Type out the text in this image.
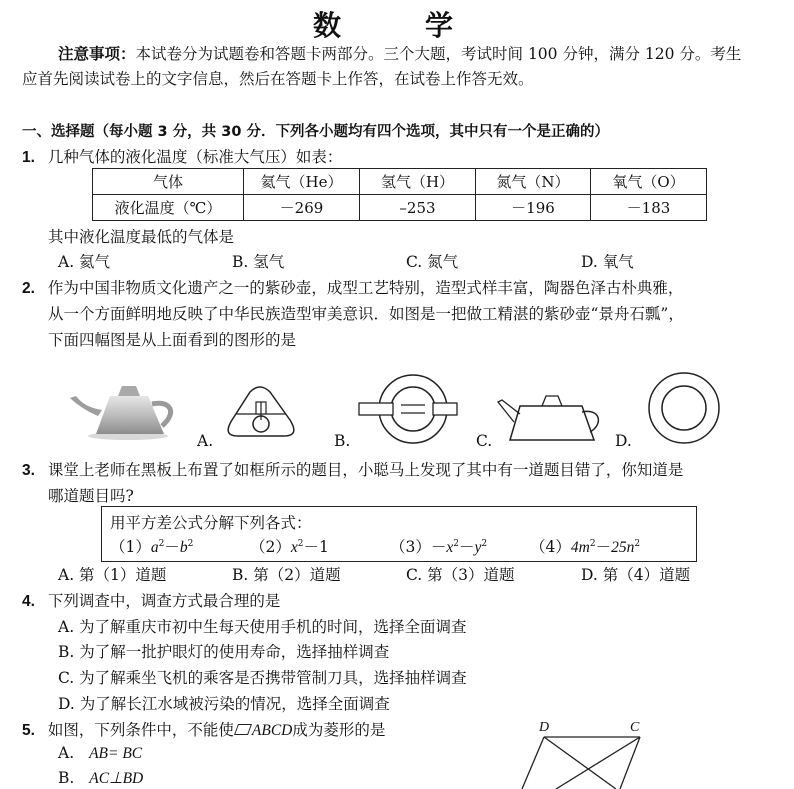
数　学
注意事项：本试卷分为试题卷和答题卡两部分。三个大题，考试时间 100 分钟，满分 120 分。考生
应首先阅读试卷上的文字信息，然后在答题卡上作答，在试卷上作答无效。
一、选择题（每小题 3 分，共 30 分．下列各小题均有四个选项，其中只有一个是正确的）
1. 几种气体的液化温度（标准大气压）如表：
气体	氦气（He）	氢气（H）	氮气（N）	氧气（O）
液化温度（℃）	－269	–253	－196	－183
其中液化温度最低的气体是
A. 氦气	B. 氢气	C. 氮气	D. 氧气
2. 作为中国非物质文化遗产之一的紫砂壶，成型工艺特别，造型式样丰富，陶器色泽古朴典雅，
从一个方面鲜明地反映了中华民族造型审美意识．如图是一把做工精湛的紫砂壶“景舟石瓢”，
下面四幅图是从上面看到的图形的是
A.	B.	C.	D.
3. 课堂上老师在黑板上布置了如框所示的题目，小聪马上发现了其中有一道题目错了，你知道是
哪道题目吗?
用平方差公式分解下列各式：
$(1)a^2-b^2$	$(2)x^2-1$	$(3)-x^2-y^2$	$(4)4m^2-25n^2$
A. 第（1）道题	B. 第（2）道题	C. 第（3）道题	D. 第（4）道题
4. 下列调查中，调查方式最合理的是
A. 为了解重庆市初中生每天使用手机的时间，选择全面调查
B. 为了解一批护眼灯的使用寿命，选择抽样调查
C. 为了解乘坐飞机的乘客是否携带管制刀具，选择抽样调查
D. 为了解长江水域被污染的情况，选择全面调查
5. 如图，下列条件中，不能使 ABCD成为菱形的是
A. AB= BC
B. AC⊥BD
D	C
